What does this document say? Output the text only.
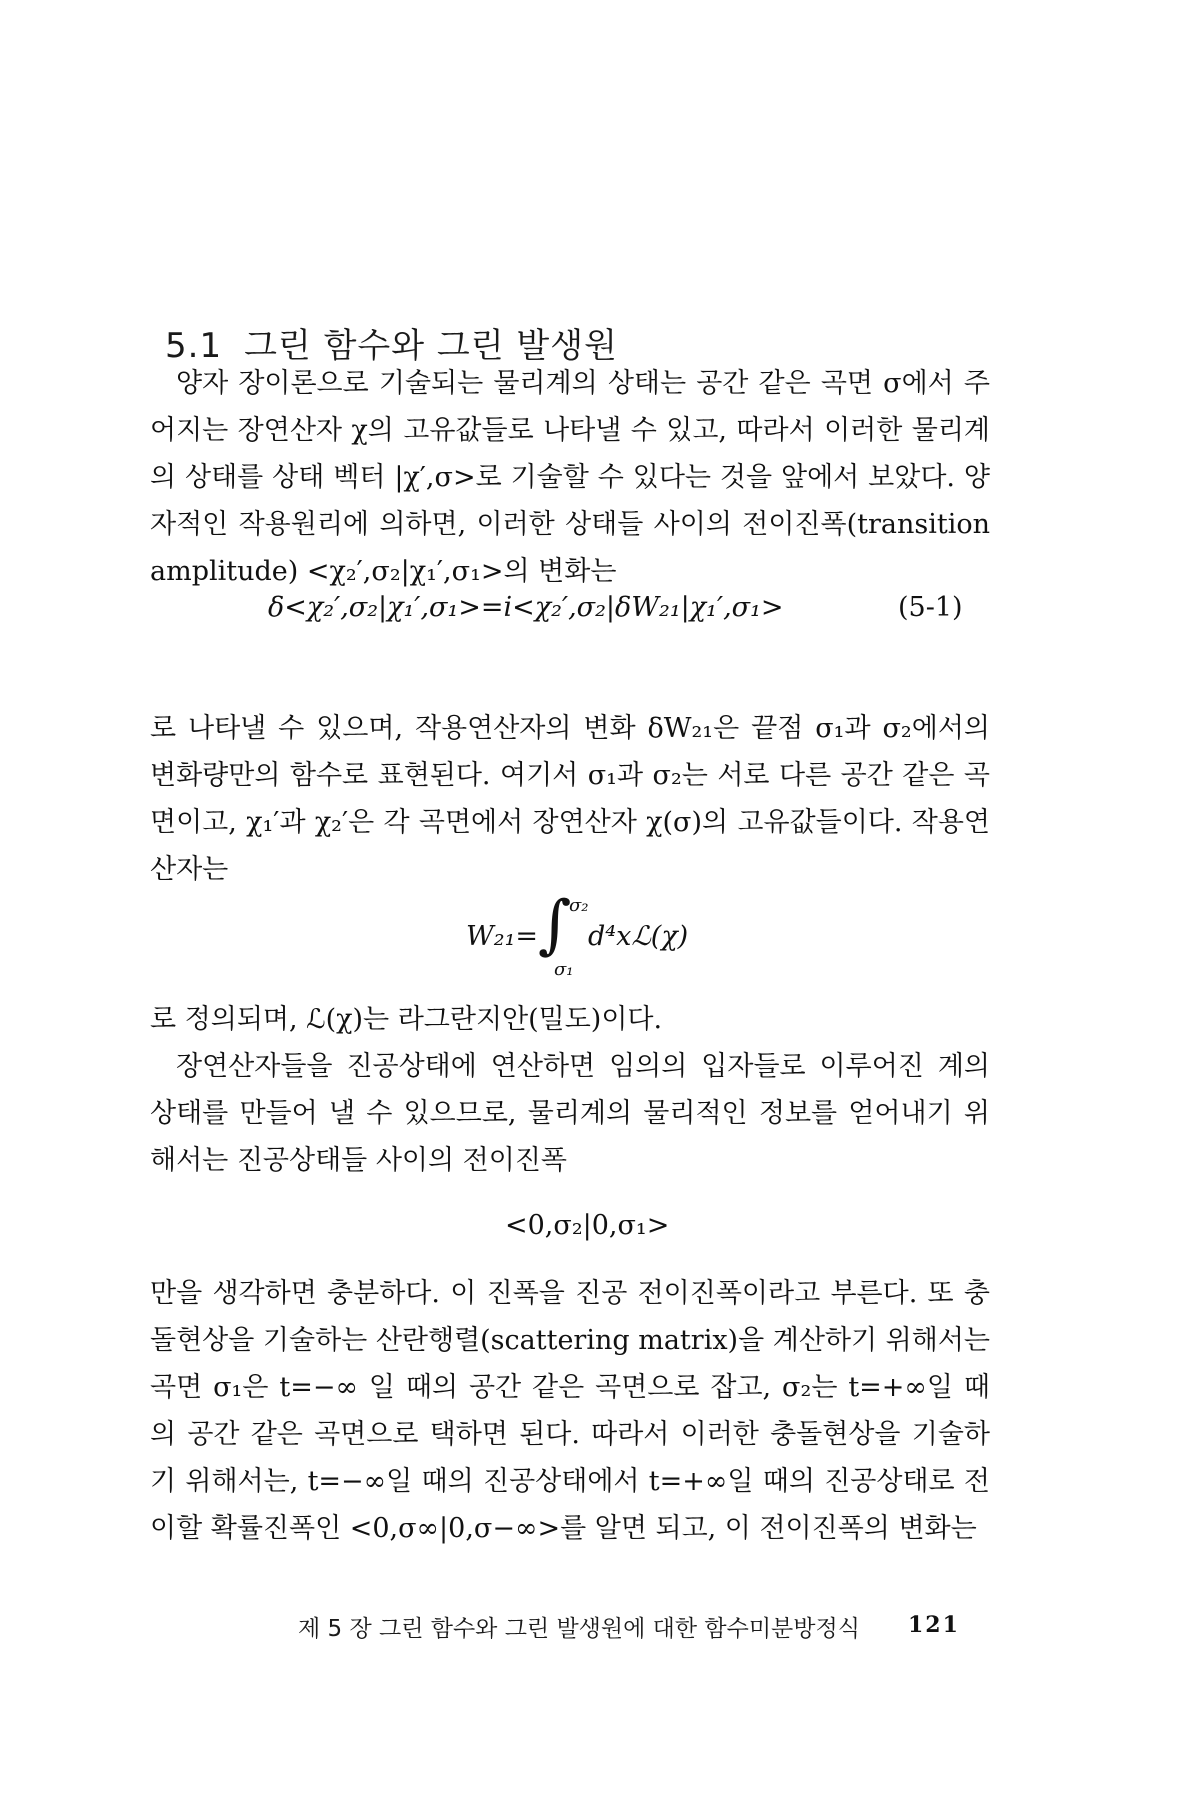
5.1 그린 함수와 그린 발생원
양자 장이론으로 기술되는 물리계의 상태는 공간 같은 곡면 σ에서 주어지는 장연산자 χ의 고유값들로 나타낼 수 있고, 따라서 이러한 물리계의 상태를 상태 벡터 |χ′,σ>로 기술할 수 있다는 것을 앞에서 보았다. 양자적인 작용원리에 의하면, 이러한 상태들 사이의 전이진폭(transition amplitude) <χ₂′,σ₂|χ₁′,σ₁>의 변화는
δ<χ₂′,σ₂|χ₁′,σ₁>=i<χ₂′,σ₂|δW₂₁|χ₁′,σ₁>	(5-1)
로 나타낼 수 있으며, 작용연산자의 변화 δW₂₁은 끝점 σ₁과 σ₂에서의 변화량만의 함수로 표현된다. 여기서 σ₁과 σ₂는 서로 다른 공간 같은 곡면이고, χ₁′과 χ₂′은 각 곡면에서 장연산자 χ(σ)의 고유값들이다. 작용연산자는
W₂₁= ∫
σ₂
σ₁
d⁴xℒ(χ)
로 정의되며, ℒ(χ)는 라그란지안(밀도)이다.
장연산자들을 진공상태에 연산하면 임의의 입자들로 이루어진 계의 상태를 만들어 낼 수 있으므로, 물리계의 물리적인 정보를 얻어내기 위해서는 진공상태들 사이의 전이진폭
<0,σ₂|0,σ₁>
만을 생각하면 충분하다. 이 진폭을 진공 전이진폭이라고 부른다. 또 충돌현상을 기술하는 산란행렬(scattering matrix)을 계산하기 위해서는 곡면 σ₁은 t=−∞ 일 때의 공간 같은 곡면으로 잡고, σ₂는 t=+∞일 때의 공간 같은 곡면으로 택하면 된다. 따라서 이러한 충돌현상을 기술하기 위해서는, t=−∞일 때의 진공상태에서 t=+∞일 때의 진공상태로 전이할 확률진폭인 <0,σ∞|0,σ−∞>를 알면 되고, 이 전이진폭의 변화는
제 5 장 그린 함수와 그린 발생원에 대한 함수미분방정식 121
